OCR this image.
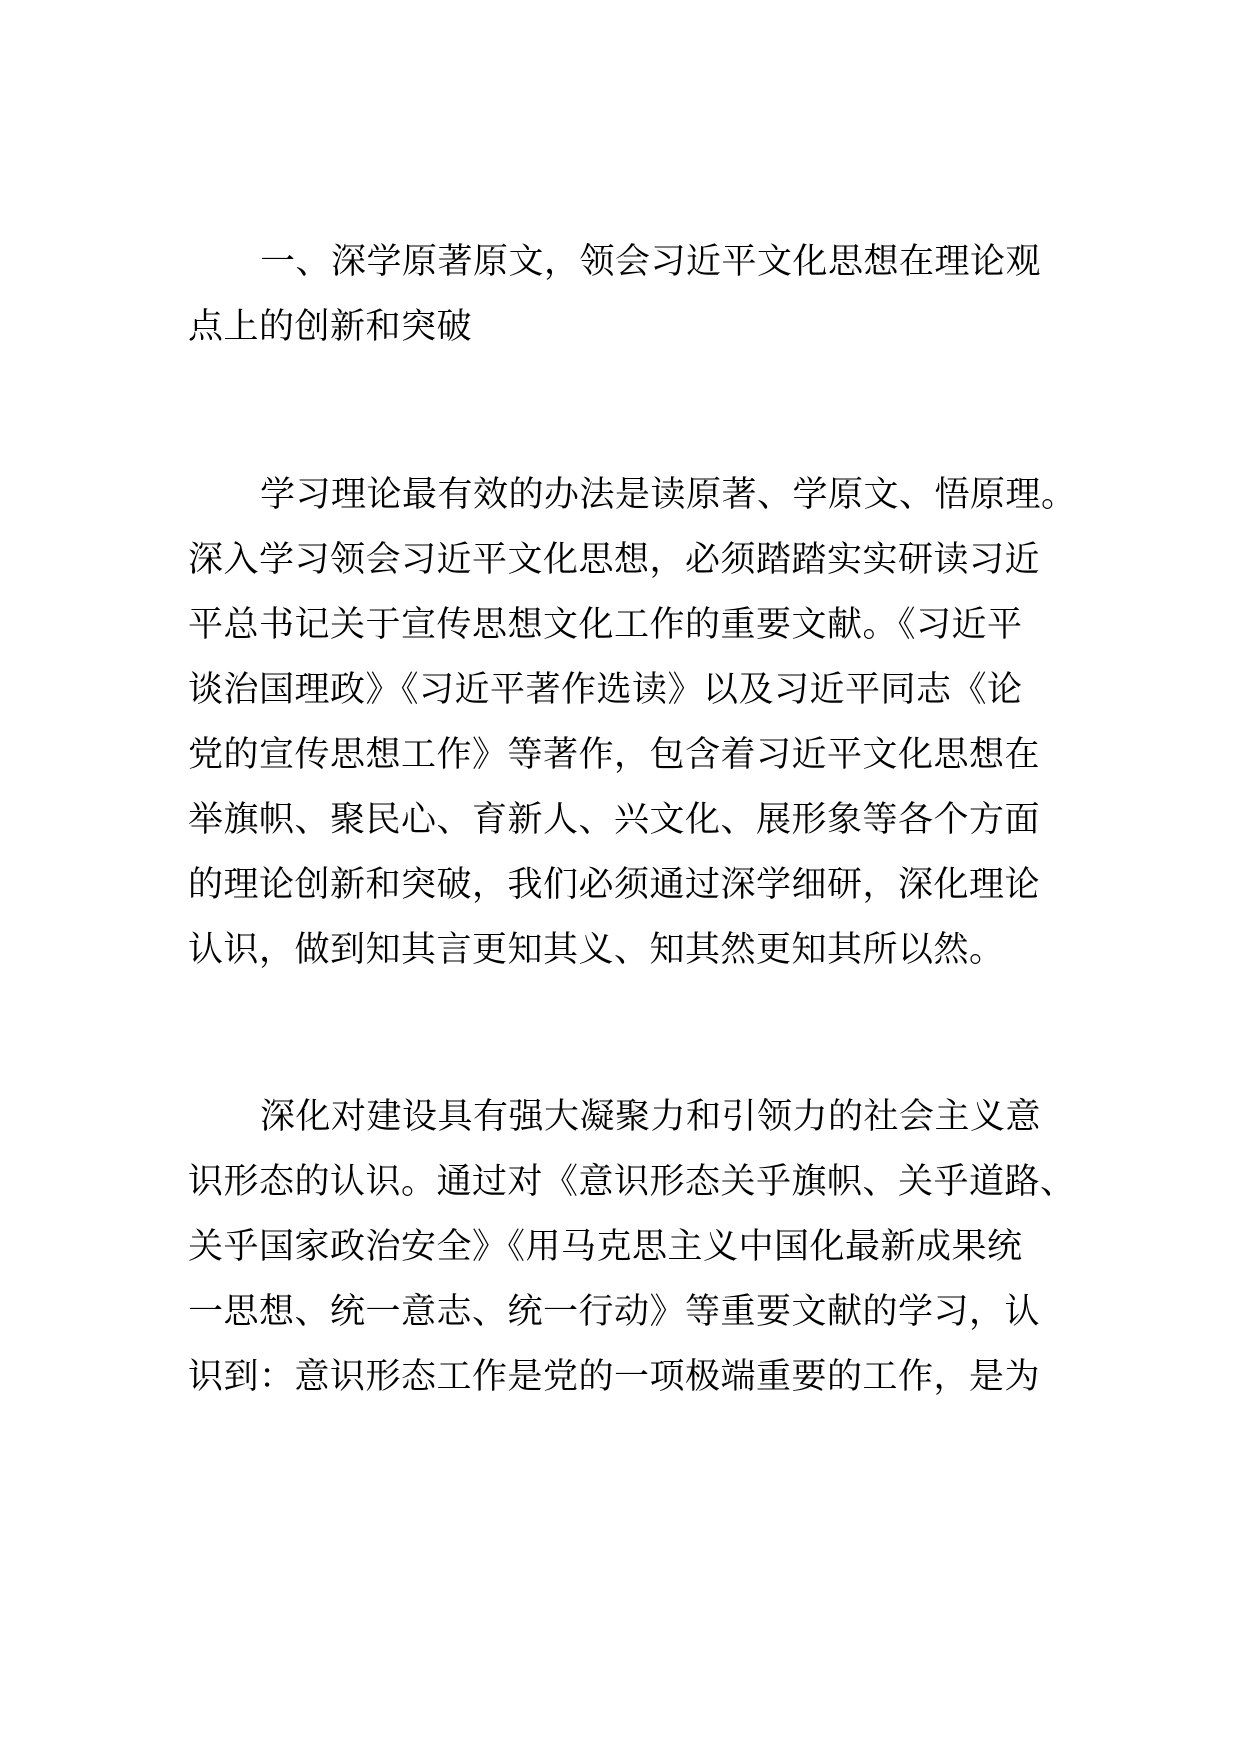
一、深学原著原文，领会习近平文化思想在理论观
点上的创新和突破
学习理论最有效的办法是读原著、学原文、悟原理。
深入学习领会习近平文化思想，必须踏踏实实研读习近
平总书记关于宣传思想文化工作的重要文献。《习近平
谈治国理政》《习近平著作选读》以及习近平同志《论
党的宣传思想工作》等著作，包含着习近平文化思想在
举旗帜、聚民心、育新人、兴文化、展形象等各个方面
的理论创新和突破，我们必须通过深学细研，深化理论
认识，做到知其言更知其义、知其然更知其所以然。
深化对建设具有强大凝聚力和引领力的社会主义意
识形态的认识。通过对《意识形态关乎旗帜、关乎道路、
关乎国家政治安全》《用马克思主义中国化最新成果统
一思想、统一意志、统一行动》等重要文献的学习，认
识到：意识形态工作是党的一项极端重要的工作，是为
